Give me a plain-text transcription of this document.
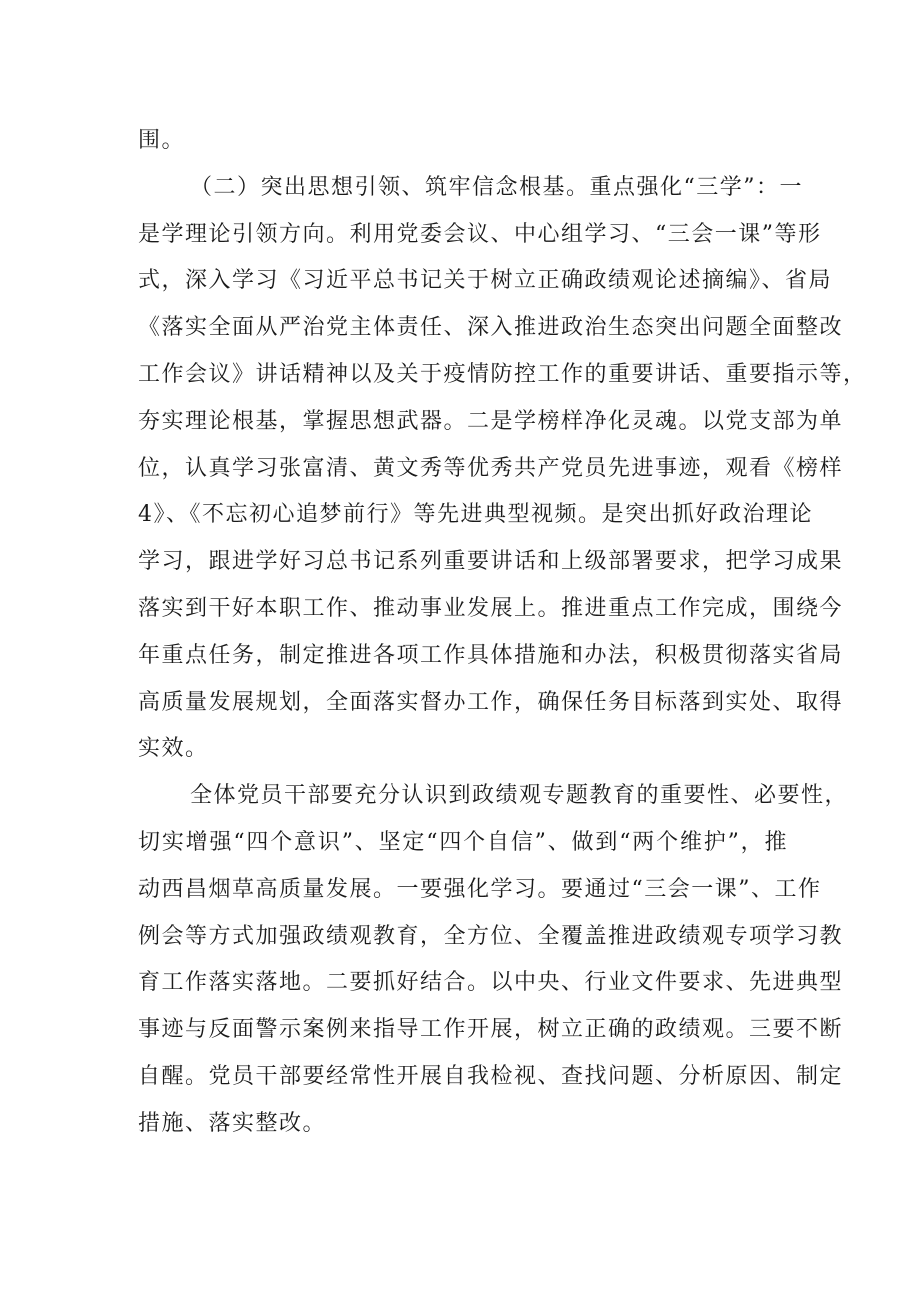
围。
（二）突出思想引领、筑牢信念根基。重点强化“三学”：一
是学理论引领方向。利用党委会议、中心组学习、“三会一课”等形
式，深入学习《习近平总书记关于树立正确政绩观论述摘编》、省局
《落实全面从严治党主体责任、深入推进政治生态突出问题全面整改
工作会议》讲话精神以及关于疫情防控工作的重要讲话、重要指示等，
夯实理论根基，掌握思想武器。二是学榜样净化灵魂。以党支部为单
位，认真学习张富清、黄文秀等优秀共产党员先进事迹，观看《榜样
4》、《不忘初心追梦前行》等先进典型视频。是突出抓好政治理论
学习，跟进学好习总书记系列重要讲话和上级部署要求，把学习成果
落实到干好本职工作、推动事业发展上。推进重点工作完成，围绕今
年重点任务，制定推进各项工作具体措施和办法，积极贯彻落实省局
高质量发展规划，全面落实督办工作，确保任务目标落到实处、取得
实效。
全体党员干部要充分认识到政绩观专题教育的重要性、必要性，
切实增强“四个意识”、坚定“四个自信”、做到“两个维护”，推
动西昌烟草高质量发展。一要强化学习。要通过“三会一课”、工作
例会等方式加强政绩观教育，全方位、全覆盖推进政绩观专项学习教
育工作落实落地。二要抓好结合。以中央、行业文件要求、先进典型
事迹与反面警示案例来指导工作开展，树立正确的政绩观。三要不断
自醒。党员干部要经常性开展自我检视、查找问题、分析原因、制定
措施、落实整改。
